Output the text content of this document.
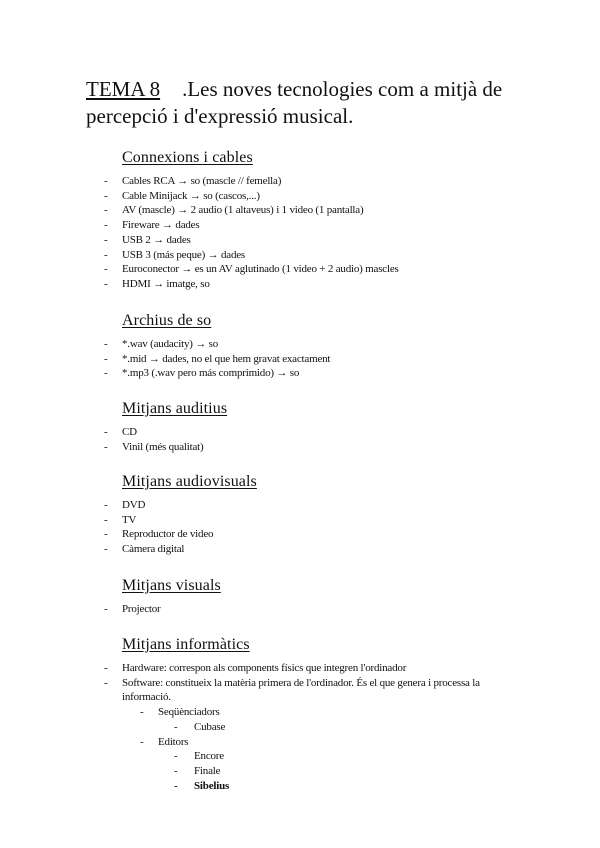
TEMA 8 .Les noves tecnologies com a mitjà de percepció i d'expressió musical.
Connexions i cables
- Cables RCA → so (mascle // femella)
- Cable Minijack → so (cascos,...)
- AV (mascle) → 2 audio (1 altaveus) i 1 video (1 pantalla)
- Fireware → dades
- USB 2 → dades
- USB 3 (más peque) → dades
- Euroconector → es un AV aglutinado (1 video + 2 audio) mascles
- HDMI → imatge, so
Archius de so
- *.wav (audacity) → so
- *.mid → dades, no el que hem gravat exactament
- *.mp3 (.wav pero más comprimido) → so
Mitjans auditius
- CD
- Vinil (més qualitat)
Mitjans audiovisuals
- DVD
- TV
- Reproductor de video
- Càmera digital
Mitjans visuals
- Projector
Mitjans informàtics
- Hardware: correspon als components físics que integren l'ordinador
- Software: constitueix la matèria primera de l'ordinador. És el que genera i processa la informació.
- Seqüènciadors
- Cubase
- Editors
- Encore
- Finale
- Sibelius
